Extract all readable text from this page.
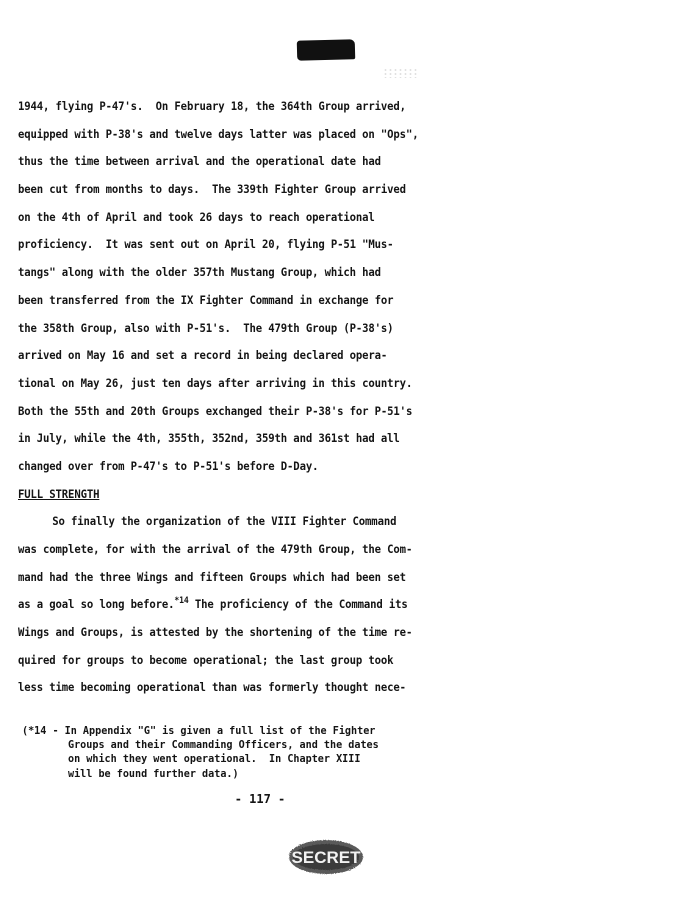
1944, flying P-47's.  On February 18, the 364th Group arrived,
equipped with P-38's and twelve days latter was placed on "Ops",
thus the time between arrival and the operational date had
been cut from months to days.  The 339th Fighter Group arrived
on the 4th of April and took 26 days to reach operational
proficiency.  It was sent out on April 20, flying P-51 "Mus-
tangs" along with the older 357th Mustang Group, which had
been transferred from the IX Fighter Command in exchange for
the 358th Group, also with P-51's.  The 479th Group (P-38's)
arrived on May 16 and set a record in being declared opera-
tional on May 26, just ten days after arriving in this country.
Both the 55th and 20th Groups exchanged their P-38's for P-51's
in July, while the 4th, 355th, 352nd, 359th and 361st had all
changed over from P-47's to P-51's before D-Day.
FULL STRENGTH
So finally the organization of the VIII Fighter Command
was complete, for with the arrival of the 479th Group, the Com-
mand had the three Wings and fifteen Groups which had been set
as a goal so long before.$^{*14}$ The proficiency of the Command its
Wings and Groups, is attested by the shortening of the time re-
quired for groups to become operational; the last group took
less time becoming operational than was formerly thought nece-
(*14 - In Appendix "G" is given a full list of the Fighter
Groups and their Commanding Officers, and the dates
on which they went operational.  In Chapter XIII
will be found further data.)
- 117 -
SECRET
